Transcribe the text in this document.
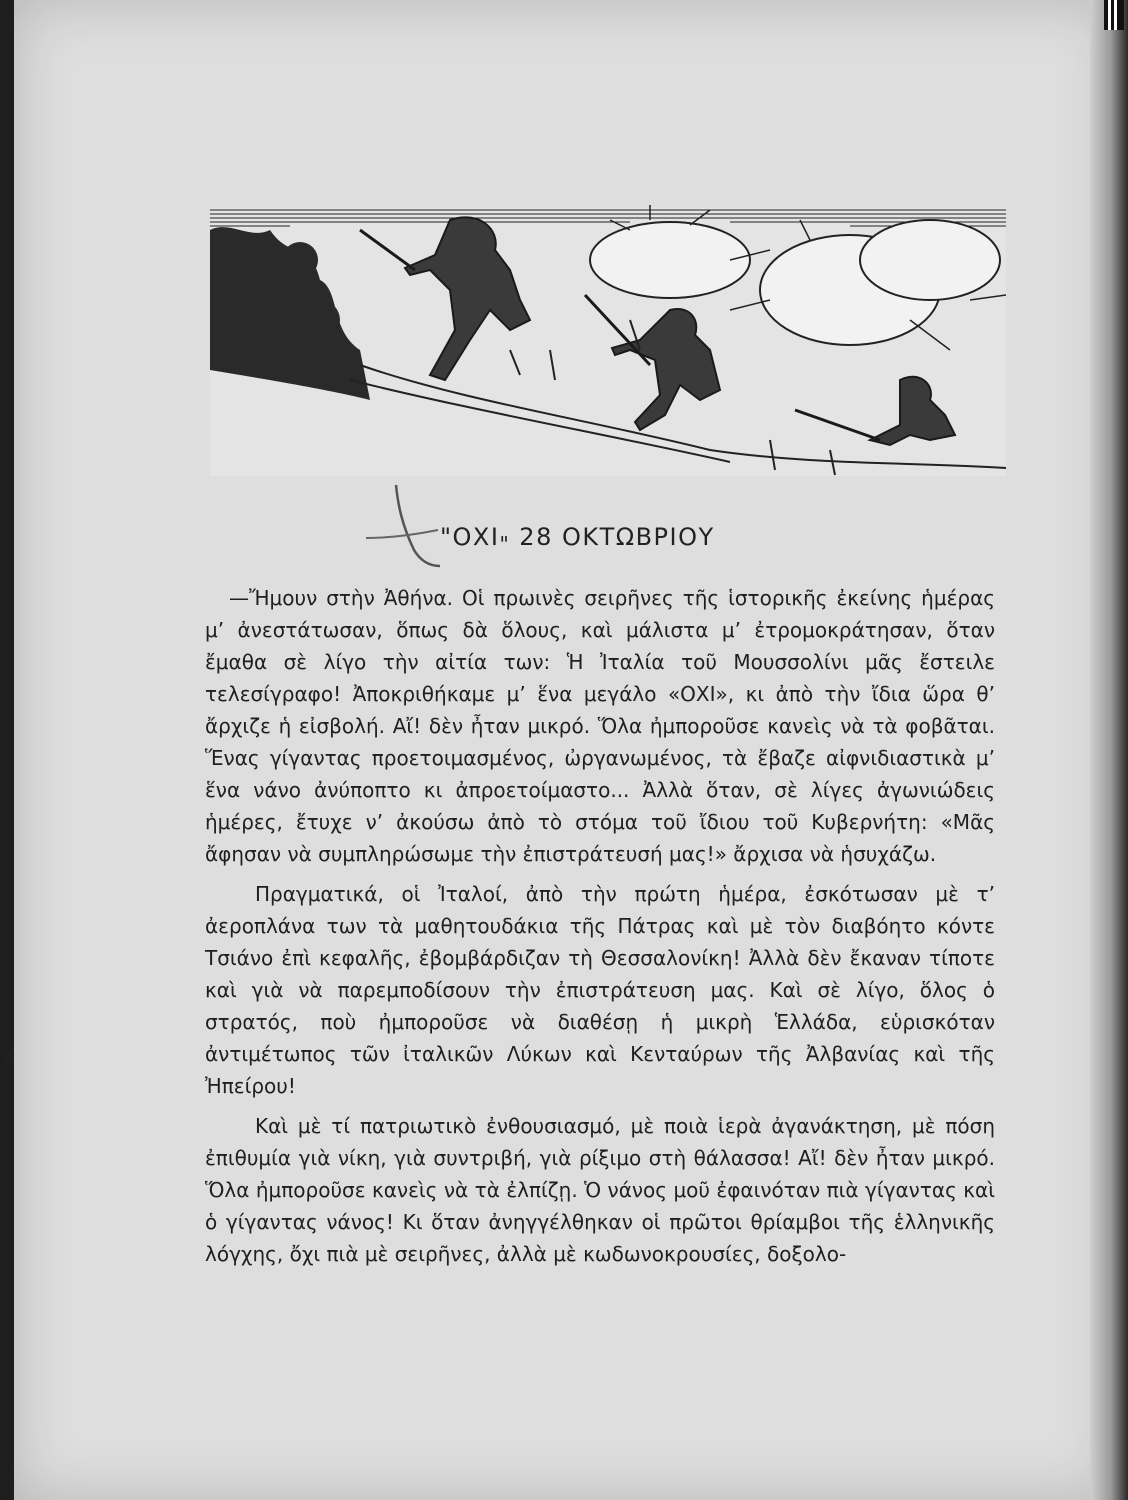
"$OXI_"$ 28 ΟΚΤΩΒΡΙΟΥ

—Ἤμουν στὴν Ἀθήνα. Οἱ πρωινὲς σειρῆνες τῆς ἱστορικῆς ἐκείνης ἡμέρας μ’ ἀνεστάτωσαν, ὅπως δὰ ὅλους, καὶ μάλιστα μ’ ἐτρομοκράτησαν, ὅταν ἔμαθα σὲ λίγο τὴν αἰτία των: Ἡ Ἰταλία τοῦ Μουσσολίνι μᾶς ἔστειλε τελεσίγραφο! Ἀποκριθήκαμε μ’ ἕνα μεγάλο «ΟΧΙ», κι ἀπὸ τὴν ἴδια ὥρα θ’ ἄρχιζε ἡ εἰσβολή. Αἴ! δὲν ἦταν μικρό. Ὅλα ἠμποροῦσε κανεὶς νὰ τὰ φοβᾶται. Ἕνας γίγαντας προετοιμασμένος, ὠργανωμένος, τὰ ἔβαζε αἰφνιδιαστικὰ μ’ ἕνα νάνο ἀνύποπτο κι ἀπροετοίμαστο... Ἀλλὰ ὅταν, σὲ λίγες ἀγωνιώδεις ἡμέρες, ἔτυχε ν’ ἀκούσω ἀπὸ τὸ στόμα τοῦ ἴδιου τοῦ Κυβερνήτη: «Μᾶς ἄφησαν νὰ συμπληρώσωμε τὴν ἐπιστράτευσή μας!» ἄρχισα νὰ ἡσυχάζω.

Πραγματικά, οἱ Ἰταλοί, ἀπὸ τὴν πρώτη ἡμέρα, ἐσκότωσαν μὲ τ’ ἀεροπλάνα των τὰ μαθητουδάκια τῆς Πάτρας καὶ μὲ τὸν διαβόητο κόντε Τσιάνο ἐπὶ κεφαλῆς, ἐβομβάρδιζαν τὴ Θεσσαλονίκη! Ἀλλὰ δὲν ἔκαναν τίποτε καὶ γιὰ νὰ παρεμποδίσουν τὴν ἐπιστράτευση μας. Καὶ σὲ λίγο, ὅλος ὁ στρατός, ποὺ ἠμποροῦσε νὰ διαθέσῃ ἡ μικρὴ Ἑλλάδα, εὑρισκόταν ἀντιμέτωπος τῶν ἰταλικῶν Λύκων καὶ Κενταύρων τῆς Ἀλβανίας καὶ τῆς Ἠπείρου!

Καὶ μὲ τί πατριωτικὸ ἐνθουσιασμό, μὲ ποιὰ ἱερὰ ἀγανάκτηση, μὲ πόση ἐπιθυμία γιὰ νίκη, γιὰ συντριβή, γιὰ ρίξιμο στὴ θάλασσα! Αἴ! δὲν ἦταν μικρό. Ὅλα ἠμποροῦσε κανεὶς νὰ τὰ ἐλπίζῃ. Ὁ νάνος μοῦ ἐφαινόταν πιὰ γίγαντας καὶ ὁ γίγαντας νάνος! Κι ὅταν ἀνηγγέλθηκαν οἱ πρῶτοι θρίαμβοι τῆς ἑλληνικῆς λόγχης, ὄχι πιὰ μὲ σειρῆνες, ἀλλὰ μὲ κωδωνοκρουσίες, δοξολο-
